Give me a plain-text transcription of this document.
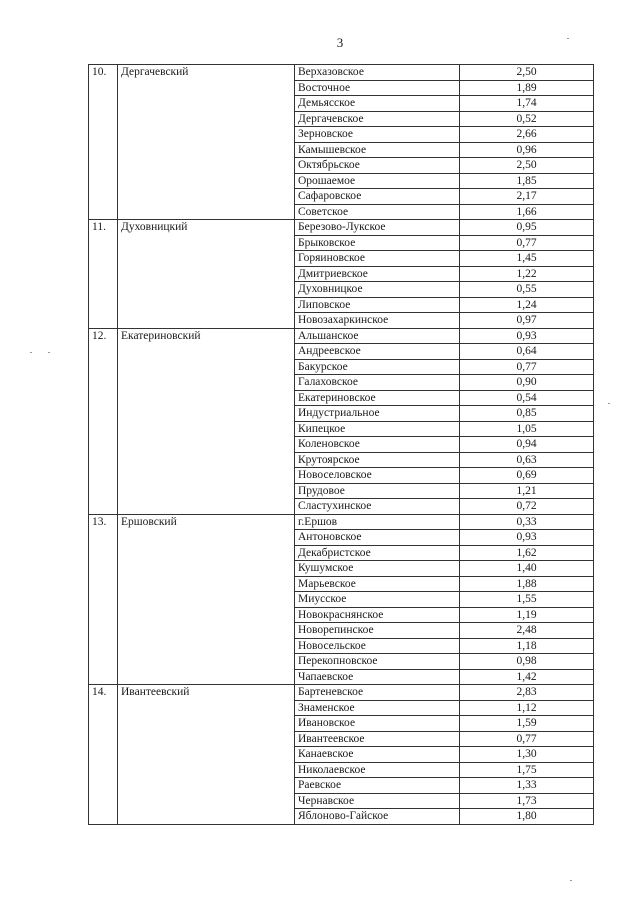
3
10.	Дергачевский	Верхазовское	2,50
		Восточное	1,89
		Демьясское	1,74
		Дергачевское	0,52
		Зерновское	2,66
		Камышевское	0,96
		Октябрьское	2,50
		Орошаемое	1,85
		Сафаровское	2,17
		Советское	1,66
11.	Духовницкий	Березово-Лукское	0,95
		Брыковское	0,77
		Горяиновское	1,45
		Дмитриевское	1,22
		Духовницкое	0,55
		Липовское	1,24
		Новозахаркинское	0,97
12.	Екатериновский	Альшанское	0,93
		Андреевское	0,64
		Бакурское	0,77
		Галаховское	0,90
		Екатериновское	0,54
		Индустриальное	0,85
		Кипецкое	1,05
		Коленовское	0,94
		Крутоярское	0,63
		Новоселовское	0,69
		Прудовое	1,21
		Сластухинское	0,72
13.	Ершовский	г.Ершов	0,33
		Антоновское	0,93
		Декабристское	1,62
		Кушумское	1,40
		Марьевское	1,88
		Миусское	1,55
		Новокраснянское	1,19
		Новорепинское	2,48
		Новосельское	1,18
		Перекопновское	0,98
		Чапаевское	1,42
14.	Ивантеевский	Бартеневское	2,83
		Знаменское	1,12
		Ивановское	1,59
		Ивантеевское	0,77
		Канаевское	1,30
		Николаевское	1,75
		Раевское	1,33
		Чернавское	1,73
		Яблоново-Гайское	1,80
